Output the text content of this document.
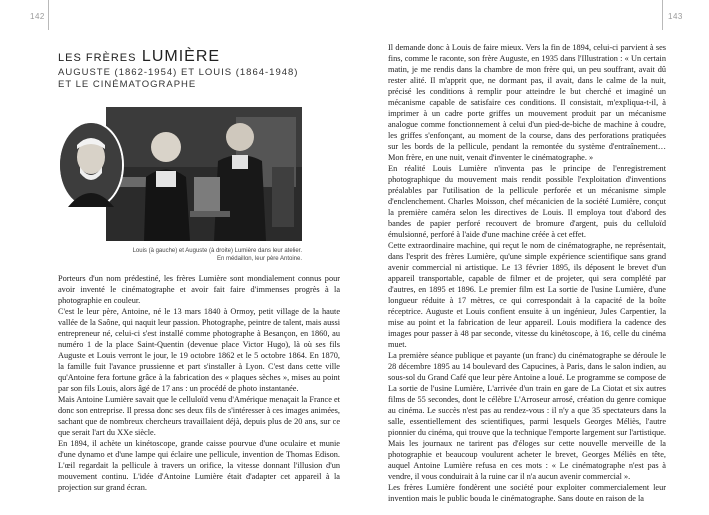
142	143
LES FRÈRES LUMIÈRE
AUGUSTE (1862-1954) ET LOUIS (1864-1948)
ET LE CINÉMATOGRAPHE
Louis (à gauche) et Auguste (à droite) Lumière dans leur atelier.
En médaillon, leur père Antoine.

Porteurs d'un nom prédestiné, les frères Lumière sont mondialement connus pour avoir inventé le cinématographe et avoir fait faire d'immenses progrès à la photographie en couleur.

C'est le leur père, Antoine, né le 13 mars 1840 à Ormoy, petit village de la haute vallée de la Saône, qui naquit leur passion. Photographe, peintre de talent, mais aussi entrepreneur né, celui-ci s'est installé comme photographe à Besançon, en 1860, au numéro 1 de la place Saint-Quentin (devenue place Victor Hugo), là où ses fils Auguste et Louis verront le jour, le 19 octobre 1862 et le 5 octobre 1864. En 1870, la famille fuit l'avance prussienne et part s'installer à Lyon. C'est dans cette ville qu'Antoine fera fortune grâce à la fabrication des « plaques sèches », mises au point par son fils Louis, alors âgé de 17 ans : un procédé de photo instantanée.

Mais Antoine Lumière savait que le celluloïd venu d'Amérique menaçait la France et donc son entreprise. Il pressa donc ses deux fils de s'intéresser à ces images animées, sachant que de nombreux chercheurs travaillaient déjà, depuis plus de 20 ans, sur ce que serait l'art du XXe siècle.

En 1894, il achète un kinétoscope, grande caisse pourvue d'une oculaire et munie d'une dynamo et d'une lampe qui éclaire une pellicule, invention de Thomas Edison. L'œil regardait la pellicule à travers un orifice, la vitesse donnant l'illusion d'un mouvement continu. L'idée d'Antoine Lumière était d'adapter cet appareil à la projection sur grand écran.

Il demande donc à Louis de faire mieux. Vers la fin de 1894, celui-ci parvient à ses fins, comme le raconte, son frère Auguste, en 1935 dans l'Illustration : « Un certain matin, je me rendis dans la chambre de mon frère qui, un peu souffrant, avait dû rester alité. Il m'apprit que, ne dormant pas, il avait, dans le calme de la nuit, précisé les conditions à remplir pour atteindre le but cherché et imaginé un mécanisme capable de satisfaire ces conditions. Il consistait, m'expliqua-t-il, à imprimer à un cadre porte griffes un mouvement produit par un mécanisme analogue comme fonctionnement à celui d'un pied-de-biche de machine à coudre, les griffes s'enfonçant, au moment de la course, dans des perforations pratiquées sur les bords de la pellicule, pendant la remontée du système d'entraînement… Mon frère, en une nuit, venait d'inventer le cinématographe. »

En réalité Louis Lumière n'inventa pas le principe de l'enregistrement photographique du mouvement mais rendit possible l'exploitation d'inventions préalables par l'utilisation de la pellicule perforée et un mécanisme simple d'enclenchement. Charles Moisson, chef mécanicien de la société Lumière, conçut la première caméra selon les directives de Louis. Il employa tout d'abord des bandes de papier perforé recouvert de bromure d'argent, puis du celluloïd émulsionné, perforé à l'aide d'une machine créée à cet effet.

Cette extraordinaire machine, qui reçut le nom de cinématographe, ne représentait, dans l'esprit des frères Lumière, qu'une simple expérience scientifique sans grand avenir commercial ni artistique. Le 13 février 1895, ils déposent le brevet d'un appareil transportable, capable de filmer et de projeter, qui sera complété par d'autres, en 1895 et 1896. Le premier film est La sortie de l'usine Lumière, d'une longueur réduite à 17 mètres, ce qui correspondait à la capacité de la boîte réceptrice. Auguste et Louis confient ensuite à un ingénieur, Jules Carpentier, la mise au point et la fabrication de leur appareil. Louis modifiera la cadence des images pour passer à 48 par seconde, vitesse du kinétoscope, à 16, celle du cinéma muet.

La première séance publique et payante (un franc) du cinématographe se déroule le 28 décembre 1895 au 14 boulevard des Capucines, à Paris, dans le salon indien, au sous-sol du Grand Café que leur père Antoine a loué. Le programme se compose de La sortie de l'usine Lumière, L'arrivée d'un train en gare de La Ciotat et six autres films de 55 secondes, dont le célèbre L'Arroseur arrosé, création du genre comique au cinéma. Le succès n'est pas au rendez-vous : il n'y a que 35 spectateurs dans la salle, essentiellement des scientifiques, parmi lesquels Georges Méliès, l'autre pionnier du cinéma, qui trouve que la technique l'emporte largement sur l'artistique. Mais les journaux ne tarirent pas d'éloges sur cette nouvelle merveille de la photographie et beaucoup voulurent acheter le brevet, Georges Méliès en tête, auquel Antoine Lumière refusa en ces mots : « Le cinématographe n'est pas à vendre, il vous conduirait à la ruine car il n'a aucun avenir commercial ».

Les frères Lumière fondèrent une société pour exploiter commercialement leur invention mais le public bouda le cinématographe. Sans doute en raison de la
